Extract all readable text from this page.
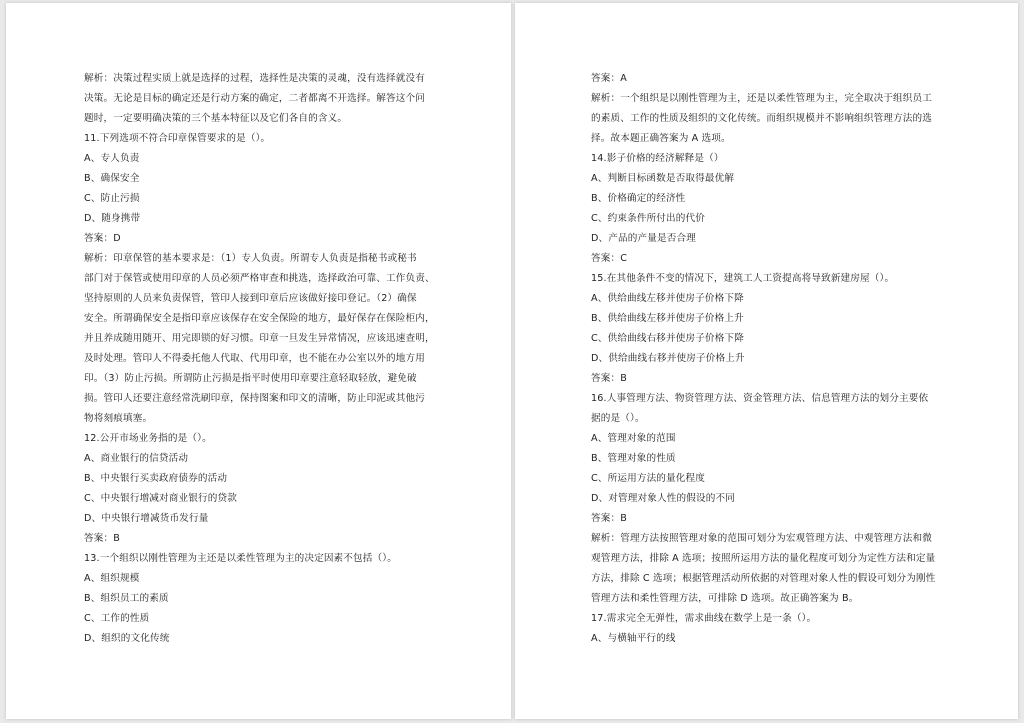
解析：决策过程实质上就是选择的过程，选择性是决策的灵魂，没有选择就没有
决策。无论是目标的确定还是行动方案的确定，二者都离不开选择。解答这个问
题时，一定要明确决策的三个基本特征以及它们各自的含义。
11.下列选项不符合印章保管要求的是（）。
A、专人负责
B、确保安全
C、防止污损
D、随身携带
答案：D
解析：印章保管的基本要求是：（1）专人负责。所谓专人负责是指秘书或秘书
部门对于保管或使用印章的人员必须严格审查和挑选，选择政治可靠、工作负责、
坚持原则的人员来负责保管，管印人接到印章后应该做好接印登记。（2）确保
安全。所谓确保安全是指印章应该保存在安全保险的地方，最好保存在保险柜内，
并且养成随用随开、用完即锁的好习惯。印章一旦发生异常情况，应该迅速查明，
及时处理。管印人不得委托他人代取、代用印章，也不能在办公室以外的地方用
印。（3）防止污损。所谓防止污损是指平时使用印章要注意轻取轻放，避免破
损。管印人还要注意经常洗刷印章，保持图案和印文的清晰，防止印泥或其他污
物将刻痕填塞。
12.公开市场业务指的是（）。
A、商业银行的信贷活动
B、中央银行买卖政府债券的活动
C、中央银行增减对商业银行的贷款
D、中央银行增减货币发行量
答案：B
13.一个组织以刚性管理为主还是以柔性管理为主的决定因素不包括（）。
A、组织规模
B、组织员工的素质
C、工作的性质
D、组织的文化传统
答案：A
解析：一个组织是以刚性管理为主，还是以柔性管理为主，完全取决于组织员工
的素质、工作的性质及组织的文化传统。而组织规模并不影响组织管理方法的选
择。故本题正确答案为 A 选项。
14.影子价格的经济解释是（）
A、判断目标函数是否取得最优解
B、价格确定的经济性
C、约束条件所付出的代价
D、产品的产量是否合理
答案：C
15.在其他条件不变的情况下，建筑工人工资提高将导致新建房屋（）。
A、供给曲线左移并使房子价格下降
B、供给曲线左移并使房子价格上升
C、供给曲线右移并使房子价格下降
D、供给曲线右移并使房子价格上升
答案：B
16.人事管理方法、物资管理方法、资金管理方法、信息管理方法的划分主要依
据的是（）。
A、管理对象的范围
B、管理对象的性质
C、所运用方法的量化程度
D、对管理对象人性的假设的不同
答案：B
解析：管理方法按照管理对象的范围可划分为宏观管理方法、中观管理方法和微
观管理方法，排除 A 选项；按照所运用方法的量化程度可划分为定性方法和定量
方法，排除 C 选项；根据管理活动所依据的对管理对象人性的假设可划分为刚性
管理方法和柔性管理方法，可排除 D 选项。故正确答案为 B。
17.需求完全无弹性，需求曲线在数学上是一条（）。
A、与横轴平行的线
